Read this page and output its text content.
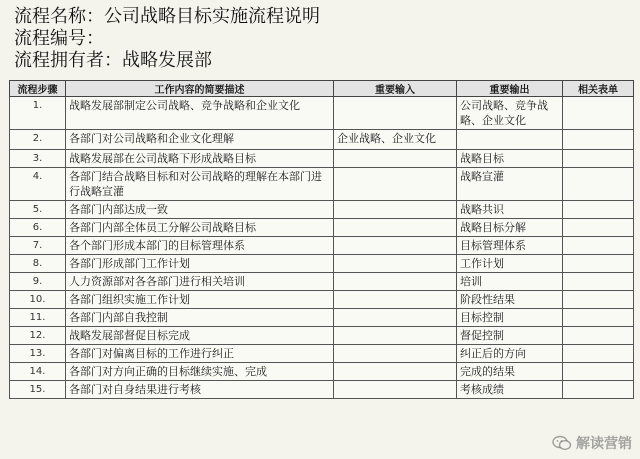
流程名称：公司战略目标实施流程说明
流程编号：
流程拥有者：战略发展部
流程步骤	工作内容的简要描述	重要输入	重要输出	相关表单
1.	战略发展部制定公司战略、竞争战略和企业文化		公司战略、竞争战略、企业文化	
2.	各部门对公司战略和企业文化理解	企业战略、企业文化		
3.	战略发展部在公司战略下形成战略目标		战略目标	
4.	各部门结合战略目标和对公司战略的理解在本部门进行战略宣灌		战略宣灌	
5.	各部门内部达成一致		战略共识	
6.	各部门内部全体员工分解公司战略目标		战略目标分解	
7.	各个部门形成本部门的目标管理体系		目标管理体系	
8.	各部门形成部门工作计划		工作计划	
9.	人力资源部对各各部门进行相关培训		培训	
10.	各部门组织实施工作计划		阶段性结果	
11.	各部门内部自我控制		目标控制	
12.	战略发展部督促目标完成		督促控制	
13.	各部门对偏离目标的工作进行纠正		纠正后的方向	
14.	各部门对方向正确的目标继续实施、完成		完成的结果	
15.	各部门对自身结果进行考核		考核成绩	
解读营销
